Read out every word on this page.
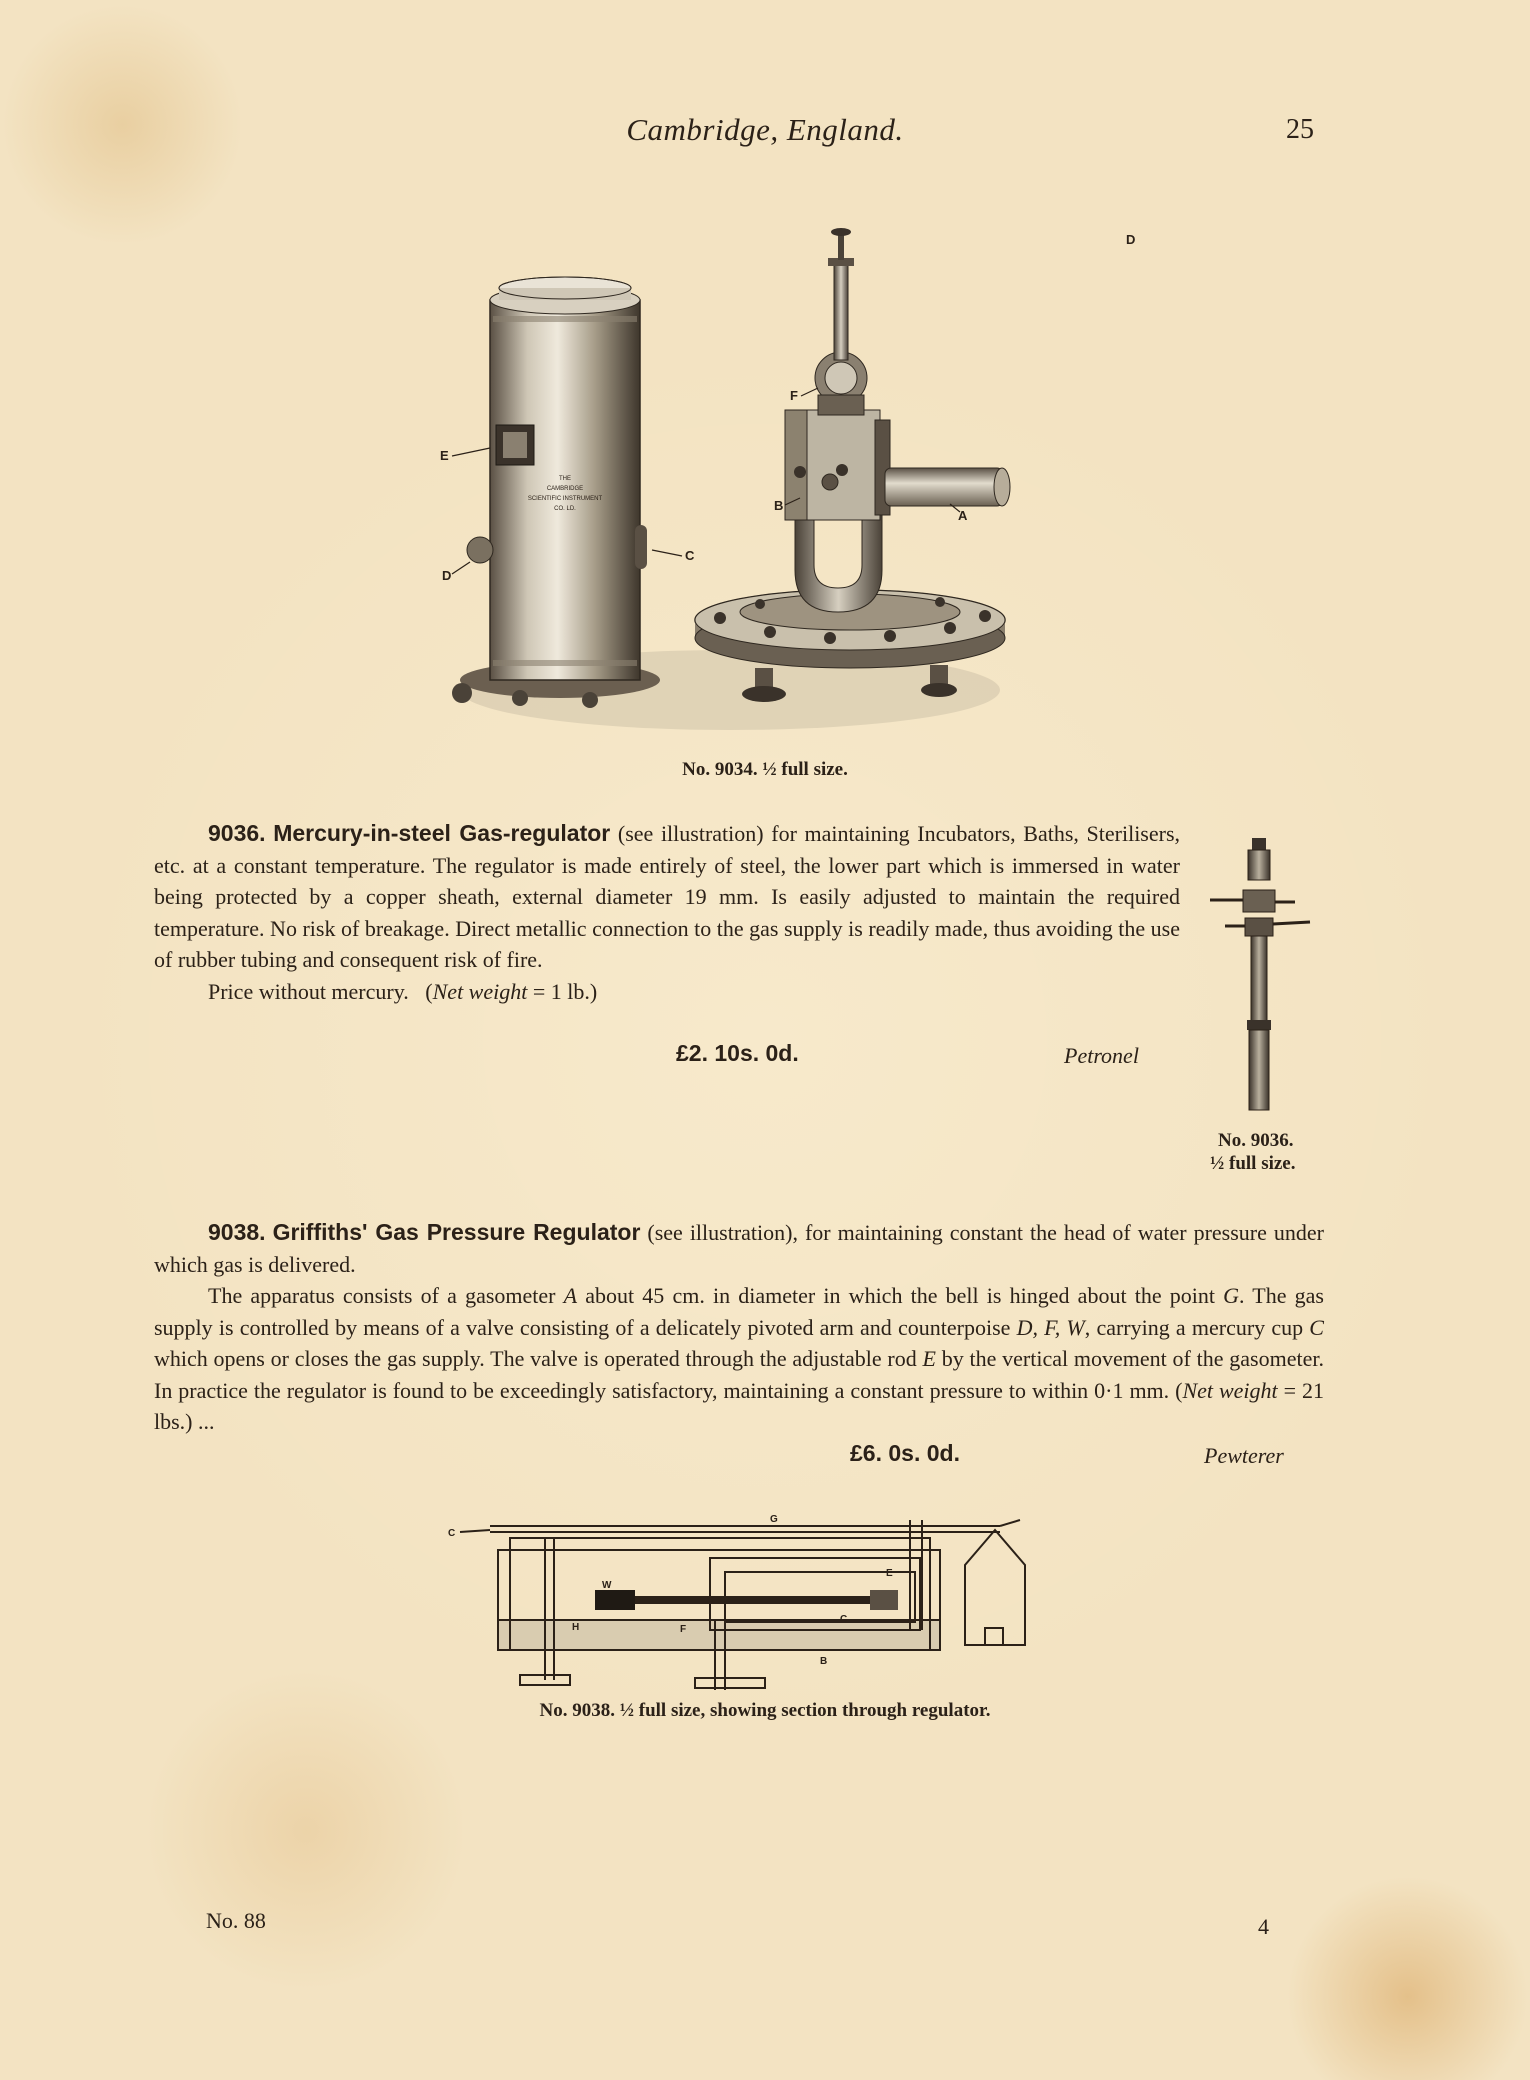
Cambridge, England.	25
THE
CAMBRIDGE
SCIENTIFIC INSTRUMENT
CO. LD.
E
D
C
F
B
A
D
No. 9034. ½ full size.

9036. Mercury-in-steel Gas-regulator (see illustration) for maintaining Incubators, Baths, Sterilisers, etc. at a constant temperature. The regulator is made entirely of steel, the lower part which is immersed in water being protected by a copper sheath, external diameter 19 mm. Is easily adjusted to maintain the required temperature. No risk of breakage. Direct metallic connection to the gas supply is readily made, thus avoiding the use of rubber tubing and consequent risk of fire.

Price without mercury. (Net weight = 1 lb.)

£2. 10s. 0d.	Petronel
No. 9036.
½ full size.

9038. Griffiths' Gas Pressure Regulator (see illustration), for maintaining constant the head of water pressure under which gas is delivered.

The apparatus consists of a gasometer A about 45 cm. in diameter in which the bell is hinged about the point G. The gas supply is controlled by means of a valve consisting of a delicately pivoted arm and counterpoise D, F, W, carrying a mercury cup C which opens or closes the gas supply. The valve is operated through the adjustable rod E by the vertical movement of the gasometer. In practice the regulator is found to be exceedingly satisfactory, maintaining a constant pressure to within 0·1 mm. (Net weight = 21 lbs.) ...

£6. 0s. 0d.	Pewterer
C
H
W
F
C
E
B
G
No. 9038. ½ full size, showing section through regulator.
No. 88	4
